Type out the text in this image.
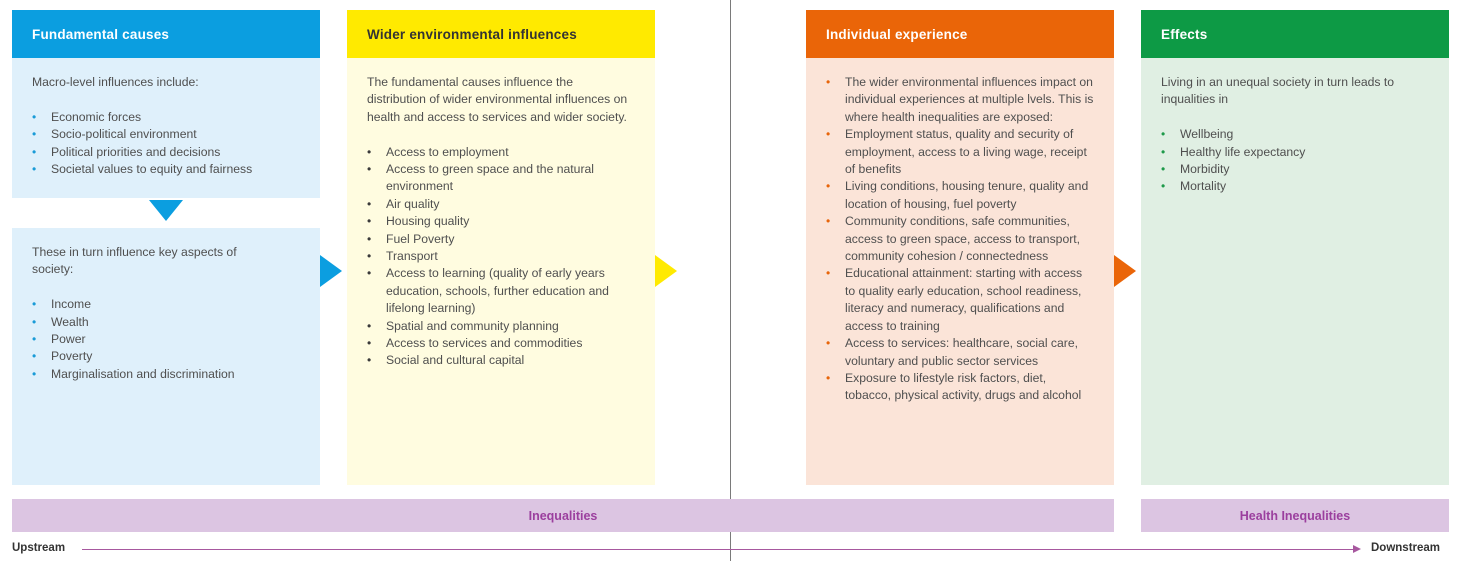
Fundamental causes

Macro-level influences include:

• Economic forces
• Socio-political environment
• Political priorities and decisions
• Societal values to equity and fairness

These in turn influence key aspects of society:

• Income
• Wealth
• Power
• Poverty
• Marginalisation and discrimination
Wider environmental influences

The fundamental causes influence the distribution of wider environmental influences on health and access to services and wider society.

• Access to employment
• Access to green space and the natural environment
• Air quality
• Housing quality
• Fuel Poverty
• Transport
• Access to learning (quality of early years education, schools, further education and lifelong learning)
• Spatial and community planning
• Access to services and commodities
• Social and cultural capital
Individual experience
• The wider environmental influences impact on individual experiences at multiple lvels. This is where health inequalities are exposed:
• Employment status, quality and security of employment, access to a living wage, receipt of benefits
• Living conditions, housing tenure, quality and location of housing, fuel poverty
• Community conditions, safe communities, access to green space, access to transport, community cohesion / connectedness
• Educational attainment: starting with access to quality early education, school readiness, literacy and numeracy, qualifications and access to training
• Access to services: healthcare, social care, voluntary and public sector services
• Exposure to lifestyle risk factors, diet, tobacco, physical activity, drugs and alcohol
Effects

Living in an unequal society in turn leads to inqualities in

• Wellbeing
• Healthy life expectancy
• Morbidity
• Mortality
Inequalities	Health Inequalities
Upstream	Downstream
